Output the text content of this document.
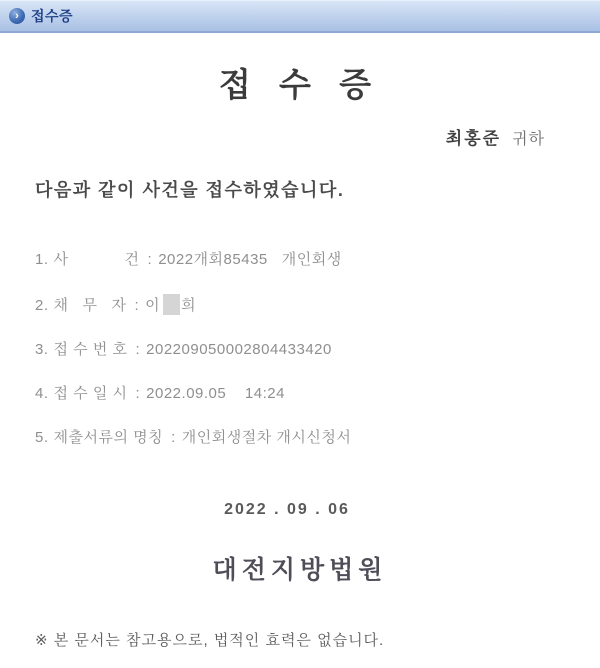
› 접수증
접 수 증
최홍준 귀하
다음과 같이 사건을 접수하였습니다.
1. 사            건 : 2022개회85435   개인회생
2. 채   무   자 : 이 희
3. 접 수 번 호 : 202209050002804433420
4. 접 수 일 시 : 2022.09.05    14:24
5. 제출서류의 명칭 : 개인회생절차 개시신청서
2022 . 09 . 06
대전지방법원
※ 본 문서는 참고용으로, 법적인 효력은 없습니다.
